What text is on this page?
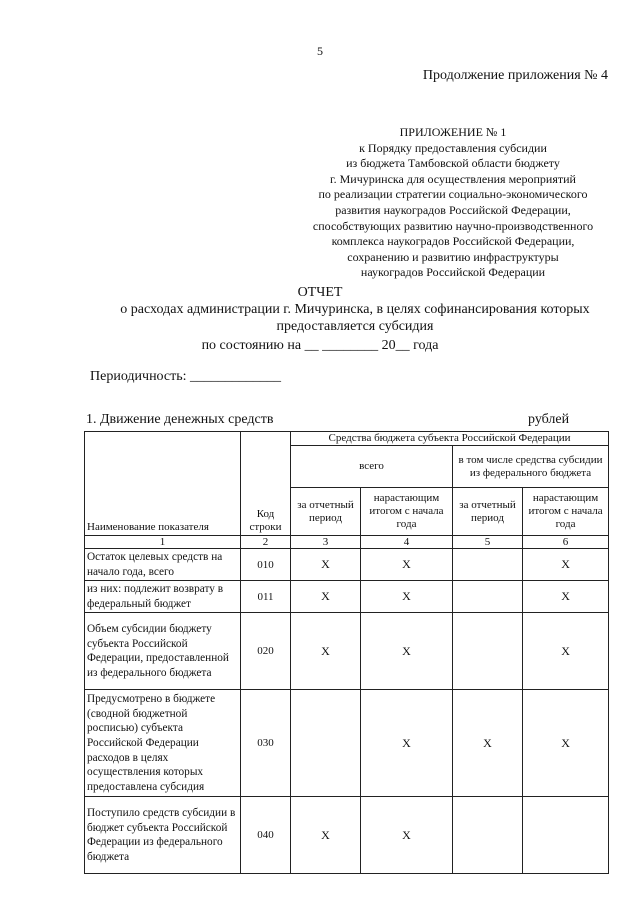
5
Продолжение приложения № 4
ПРИЛОЖЕНИЕ № 1
к Порядку предоставления субсидии
из бюджета Тамбовской области бюджету
г. Мичуринска для осуществления мероприятий
по реализации стратегии социально-экономического
развития наукоградов Российской Федерации,
способствующих развитию научно-производственного
комплекса наукоградов Российской Федерации,
сохранению и развитию инфраструктуры
наукоградов Российской Федерации
ОТЧЕТ
о расходах администрации г. Мичуринска, в целях софинансирования которых
предоставляется субсидия
по состоянию на __ ________ 20__ года
Периодичность: _____________
1. Движение денежных средств	рублей
Наименование показателя	Код строки	Средства бюджета субъекта Российской Федерации			
		всего		в том числе средства субсидии из федерального бюджета	
		за отчетный период	нарастающим итогом с начала года	за отчетный период	нарастающим итогом с начала года
1	2	3	4	5	6
Остаток целевых средств на начало года, всего	010	X	X		X
из них: подлежит возврату в федеральный бюджет	011	X	X		X
Объем субсидии бюджету субъекта Российской Федерации, предоставленной из федерального бюджета	020	X	X		X
Предусмотрено в бюджете (сводной бюджетной росписью) субъекта Российской Федерации расходов в целях осуществления которых предоставлена субсидия	030		X	X	X
Поступило средств субсидии в бюджет субъекта Российской Федерации из федерального бюджета	040	X	X		
